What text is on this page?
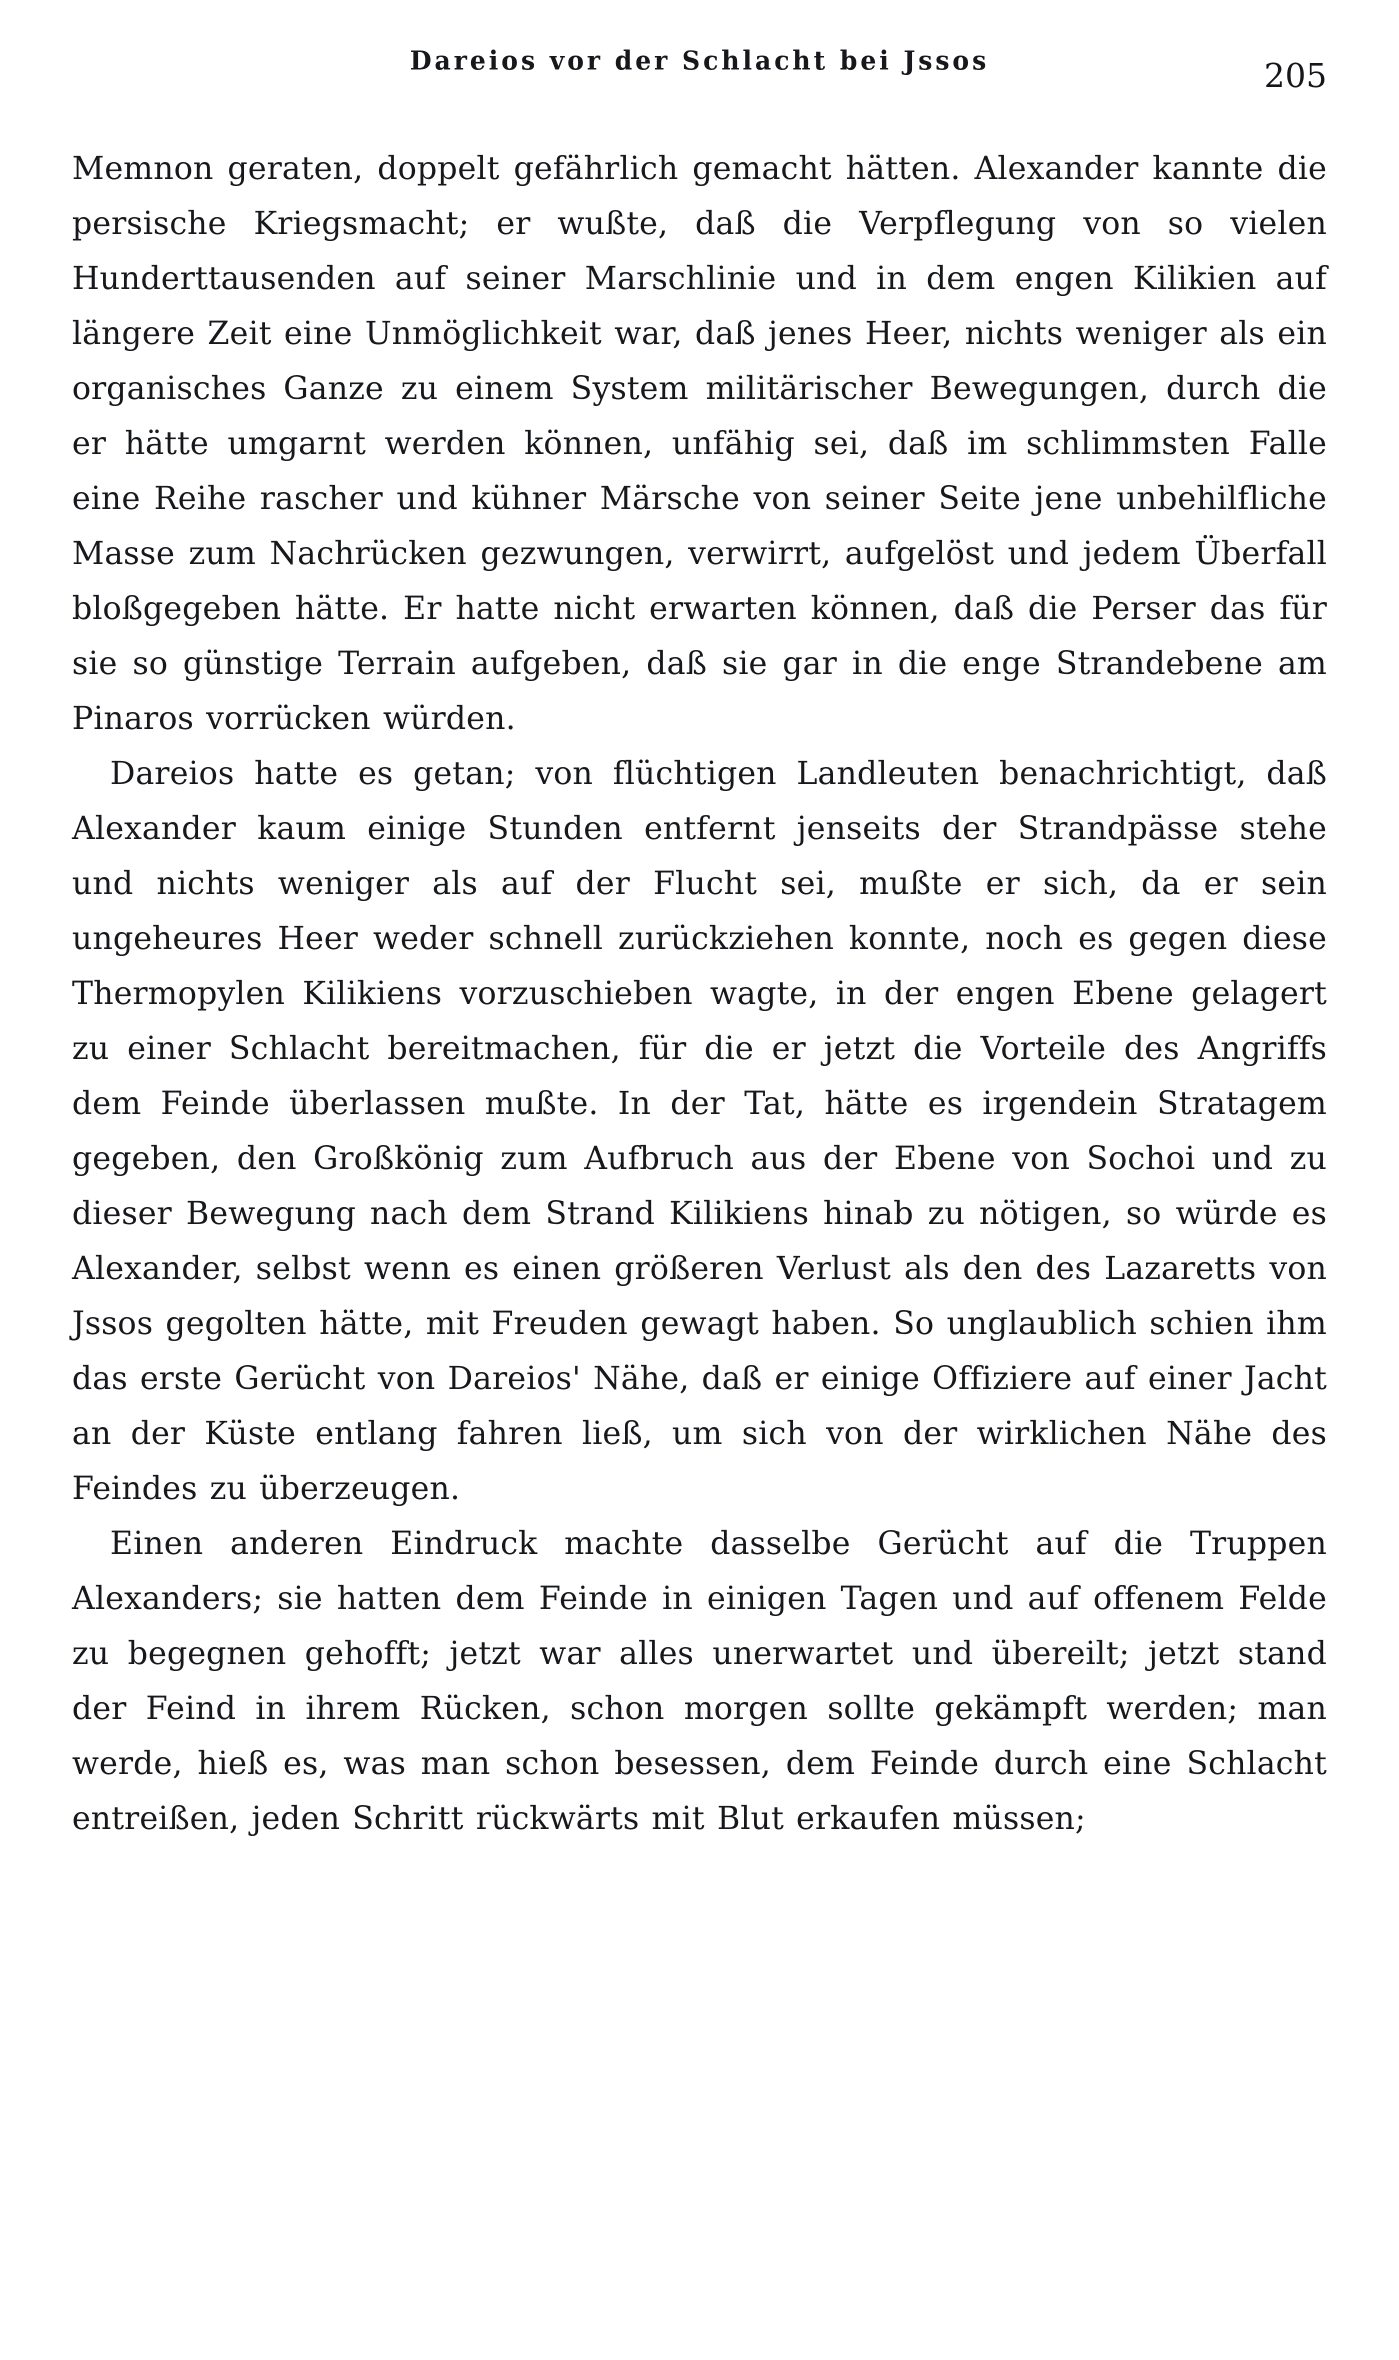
Dareios vor der Schlacht bei Jssos	205

Memnon geraten, doppelt gefährlich gemacht hätten. Alexander kannte die persische Kriegsmacht; er wußte, daß die Verpflegung von so vielen Hunderttausenden auf seiner Marschlinie und in dem engen Kilikien auf längere Zeit eine Unmöglichkeit war, daß jenes Heer, nichts weniger als ein organisches Ganze zu einem System militärischer Bewegungen, durch die er hätte umgarnt werden können, unfähig sei, daß im schlimmsten Falle eine Reihe rascher und kühner Märsche von seiner Seite jene unbehilfliche Masse zum Nachrücken gezwungen, verwirrt, aufgelöst und jedem Überfall bloßgegeben hätte. Er hatte nicht erwarten können, daß die Perser das für sie so günstige Terrain aufgeben, daß sie gar in die enge Strandebene am Pinaros vorrücken würden.

Dareios hatte es getan; von flüchtigen Landleuten benachrichtigt, daß Alexander kaum einige Stunden entfernt jenseits der Strandpässe stehe und nichts weniger als auf der Flucht sei, mußte er sich, da er sein ungeheures Heer weder schnell zurückziehen konnte, noch es gegen diese Thermopylen Kilikiens vorzuschieben wagte, in der engen Ebene gelagert zu einer Schlacht bereitmachen, für die er jetzt die Vorteile des Angriffs dem Feinde überlassen mußte. In der Tat, hätte es irgendein Stratagem gegeben, den Großkönig zum Aufbruch aus der Ebene von Sochoi und zu dieser Bewegung nach dem Strand Kilikiens hinab zu nötigen, so würde es Alexander, selbst wenn es einen größeren Verlust als den des Lazaretts von Jssos gegolten hätte, mit Freuden gewagt haben. So unglaublich schien ihm das erste Gerücht von Dareios' Nähe, daß er einige Offiziere auf einer Jacht an der Küste entlang fahren ließ, um sich von der wirklichen Nähe des Feindes zu überzeugen.

Einen anderen Eindruck machte dasselbe Gerücht auf die Truppen Alexanders; sie hatten dem Feinde in einigen Tagen und auf offenem Felde zu begegnen gehofft; jetzt war alles unerwartet und übereilt; jetzt stand der Feind in ihrem Rücken, schon morgen sollte gekämpft werden; man werde, hieß es, was man schon besessen, dem Feinde durch eine Schlacht entreißen, jeden Schritt rückwärts mit Blut erkaufen müssen;
